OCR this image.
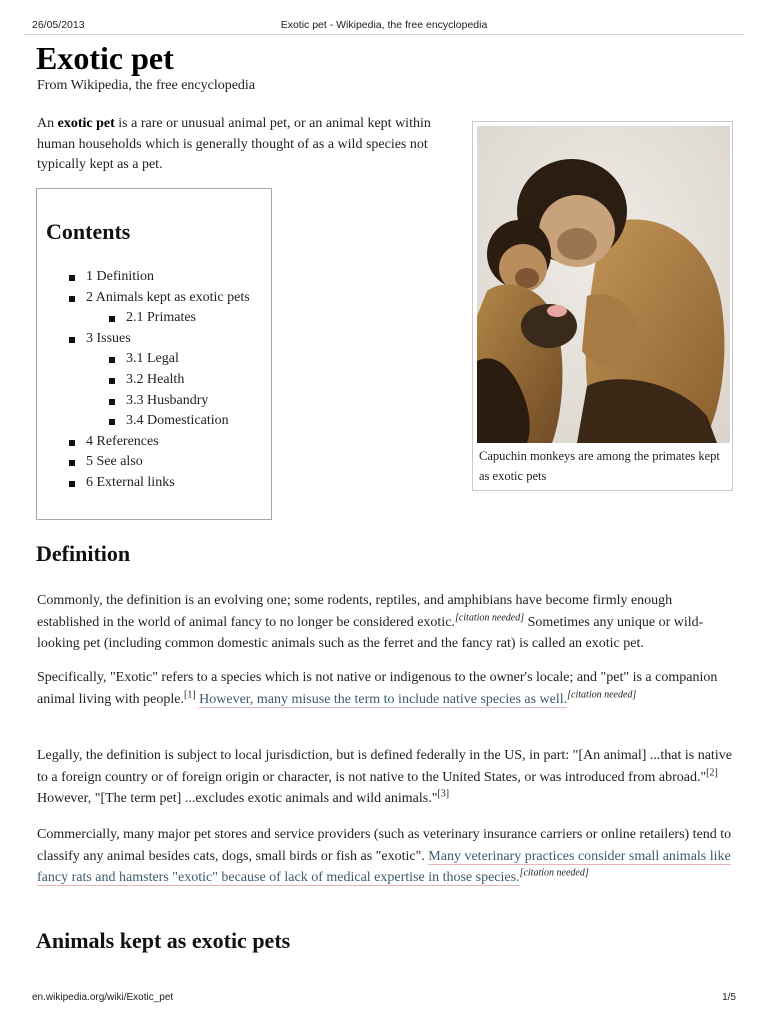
26/05/2013	Exotic pet - Wikipedia, the free encyclopedia
Exotic pet
From Wikipedia, the free encyclopedia

An exotic pet is a rare or unusual animal pet, or an animal kept within human households which is generally thought of as a wild species not typically kept as a pet.

Contents
1 Definition
2 Animals kept as exotic pets
2.1 Primates
3 Issues
3.1 Legal
3.2 Health
3.3 Husbandry
3.4 Domestication
4 References
5 See also
6 External links

Capuchin monkeys are among the primates kept as exotic pets

Definition

Commonly, the definition is an evolving one; some rodents, reptiles, and amphibians have become firmly enough established in the world of animal fancy to no longer be considered exotic.[citation needed] Sometimes any unique or wild-looking pet (including common domestic animals such as the ferret and the fancy rat) is called an exotic pet.

Specifically, "Exotic" refers to a species which is not native or indigenous to the owner's locale; and "pet" is a companion animal living with people.[1] However, many misuse the term to include native species as well.[citation needed]

Legally, the definition is subject to local jurisdiction, but is defined federally in the US, in part: "[An animal] ...that is native to a foreign country or of foreign origin or character, is not native to the United States, or was introduced from abroad."[2] However, "[The term pet] ...excludes exotic animals and wild animals."[3]

Commercially, many major pet stores and service providers (such as veterinary insurance carriers or online retailers) tend to classify any animal besides cats, dogs, small birds or fish as "exotic". Many veterinary practices consider small animals like fancy rats and hamsters "exotic" because of lack of medical expertise in those species.[citation needed]

Animals kept as exotic pets
en.wikipedia.org/wiki/Exotic_pet	1/5
